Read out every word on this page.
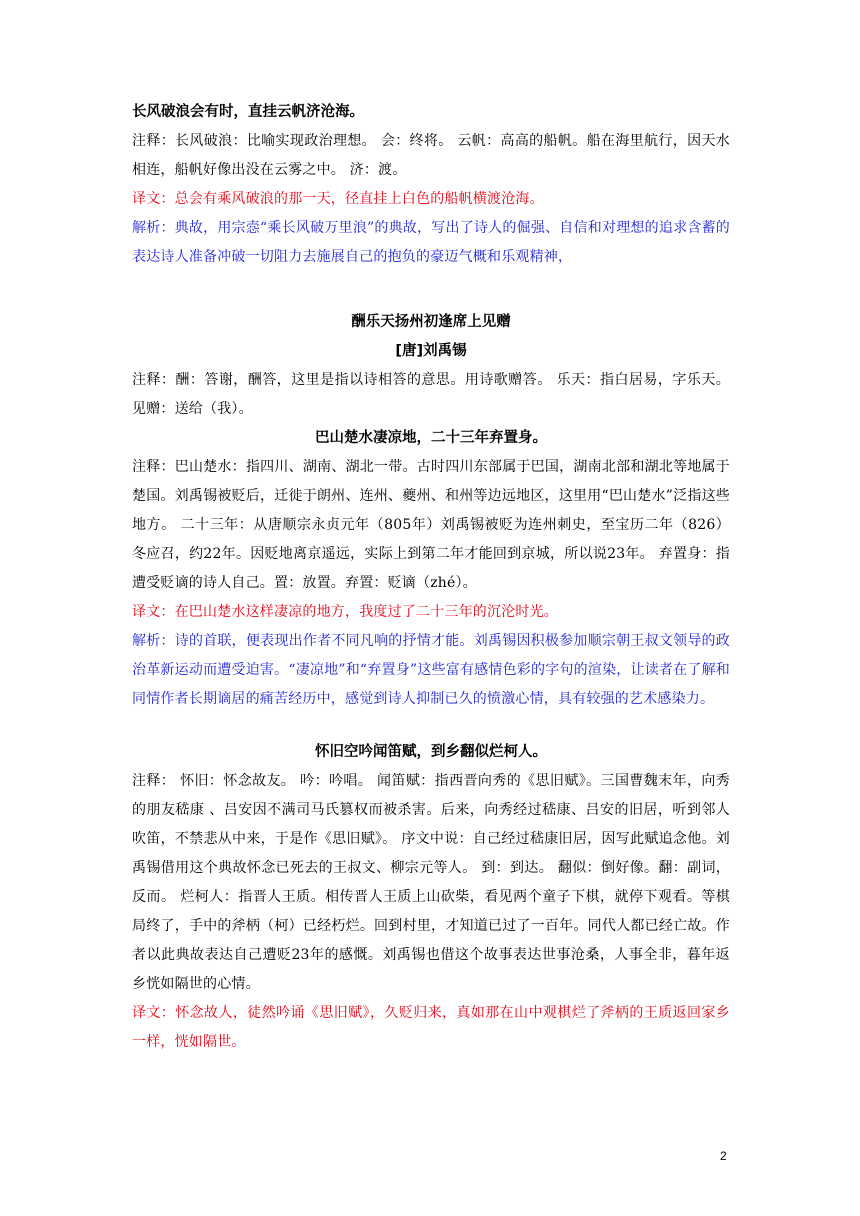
长风破浪会有时，直挂云帆济沧海。

注释：长风破浪：比喻实现政治理想。 会：终将。 云帆：高高的船帆。船在海里航行，因天水相连，船帆好像出没在云雾之中。 济：渡。

译文：总会有乘风破浪的那一天，径直挂上白色的船帆横渡沧海。

解析：典故，用宗悫“乘长风破万里浪”的典故，写出了诗人的倔强、自信和对理想的追求含蓄的表达诗人准备冲破一切阻力去施展自己的抱负的豪迈气概和乐观精神，

酬乐天扬州初逢席上见赠

[唐]刘禹锡

注释：酬：答谢，酬答，这里是指以诗相答的意思。用诗歌赠答。 乐天：指白居易，字乐天。 见赠：送给（我）。

巴山楚水凄凉地，二十三年弃置身。

注释：巴山楚水：指四川、湖南、湖北一带。古时四川东部属于巴国，湖南北部和湖北等地属于楚国。刘禹锡被贬后，迁徙于朗州、连州、夔州、和州等边远地区，这里用“巴山楚水”泛指这些地方。 二十三年：从唐顺宗永贞元年（805年）刘禹锡被贬为连州刺史，至宝历二年（826）冬应召，约22年。因贬地离京遥远，实际上到第二年才能回到京城，所以说23年。 弃置身：指遭受贬谪的诗人自己。置：放置。弃置：贬谪（zhé）。

译文：在巴山楚水这样凄凉的地方，我度过了二十三年的沉沦时光。

解析：诗的首联，便表现出作者不同凡响的抒情才能。刘禹锡因积极参加顺宗朝王叔文领导的政治革新运动而遭受迫害。“凄凉地”和“弃置身”这些富有感情色彩的字句的渲染，让读者在了解和同情作者长期谪居的痛苦经历中，感觉到诗人抑制已久的愤激心情，具有较强的艺术感染力。

怀旧空吟闻笛赋，到乡翻似烂柯人。

注释： 怀旧：怀念故友。 吟：吟唱。 闻笛赋：指西晋向秀的《思旧赋》。三国曹魏末年，向秀的朋友嵇康 、吕安因不满司马氏篡权而被杀害。后来，向秀经过嵇康、吕安的旧居，听到邻人吹笛，不禁悲从中来，于是作《思旧赋》。 序文中说：自己经过嵇康旧居，因写此赋追念他。刘禹锡借用这个典故怀念已死去的王叔文、柳宗元等人。 到：到达。 翻似：倒好像。翻：副词，反而。 烂柯人：指晋人王质。相传晋人王质上山砍柴，看见两个童子下棋，就停下观看。等棋局终了，手中的斧柄（柯）已经朽烂。回到村里，才知道已过了一百年。同代人都已经亡故。作者以此典故表达自己遭贬23年的感慨。刘禹锡也借这个故事表达世事沧桑，人事全非，暮年返乡恍如隔世的心情。

译文：怀念故人，徒然吟诵《思旧赋》，久贬归来，真如那在山中观棋烂了斧柄的王质返回家乡一样，恍如隔世。

2
